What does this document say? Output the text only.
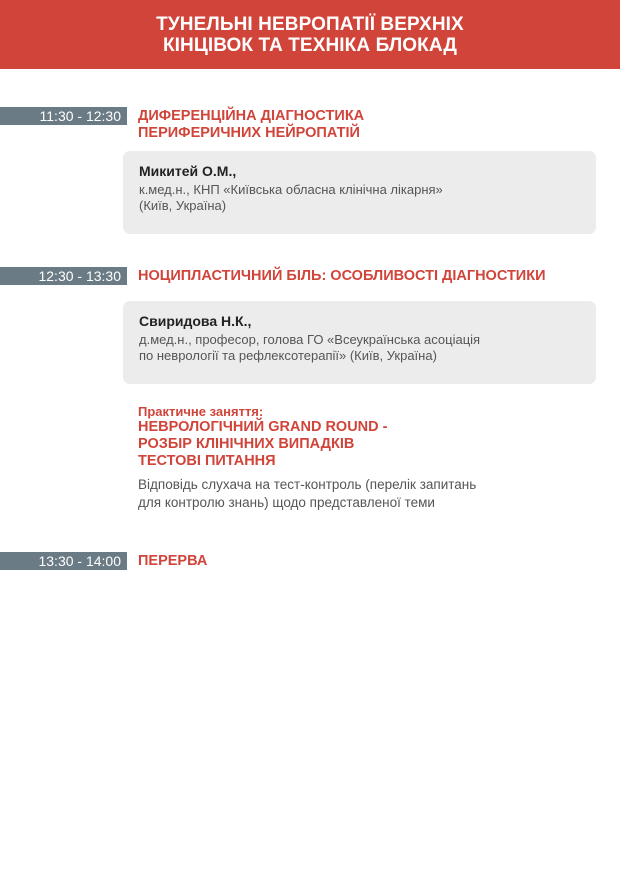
ТУНЕЛЬНІ НЕВРОПАТІЇ ВЕРХНІХ
КІНЦІВОК ТА ТЕХНІКА БЛОКАД
11:30 - 12:30	ДИФЕРЕНЦІЙНА ДІАГНОСТИКА
ПЕРИФЕРИЧНИХ НЕЙРОПАТІЙ
Микитей О.М.,
к.мед.н., КНП «Київська обласна клінічна лікарня»
(Київ, Україна)
12:30 - 13:30	НОЦИПЛАСТИЧНИЙ БІЛЬ: ОСОБЛИВОСТІ ДІАГНОСТИКИ
Свиридова Н.К.,
д.мед.н., професор, голова ГО «Всеукраїнська асоціація
по неврології та рефлексотерапії» (Київ, Україна)
Практичне заняття:
НЕВРОЛОГІЧНИЙ GRAND ROUND -
РОЗБІР КЛІНІЧНИХ ВИПАДКІВ
ТЕСТОВІ ПИТАННЯ
Відповідь слухача на тест-контроль (перелік запитань
для контролю знань) щодо представленої теми
13:30 - 14:00	ПЕРЕРВА
